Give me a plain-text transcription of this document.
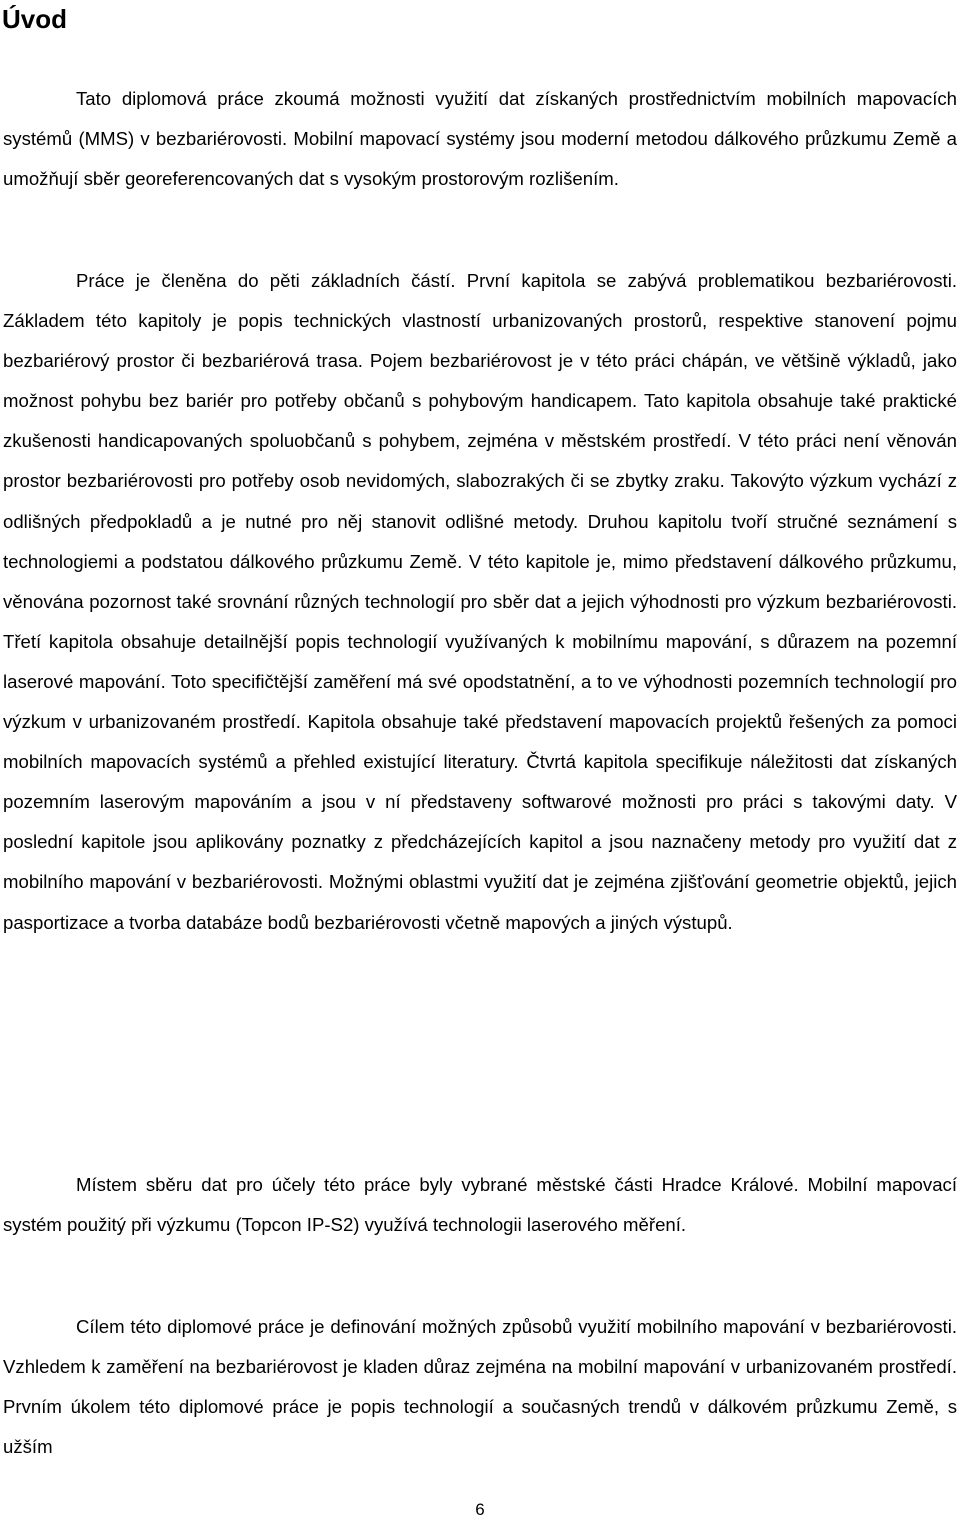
Úvod

Tato diplomová práce zkoumá možnosti využití dat získaných prostřednictvím mobilních mapovacích systémů (MMS) v bezbariérovosti. Mobilní mapovací systémy jsou moderní metodou dálkového průzkumu Země a umožňují sběr georeferencovaných dat s vysokým prostorovým rozlišením.

Práce je členěna do pěti základních částí. První kapitola se zabývá problematikou bezbariérovosti. Základem této kapitoly je popis technických vlastností urbanizovaných prostorů, respektive stanovení pojmu bezbariérový prostor či bezbariérová trasa. Pojem bezbariérovost je v této práci chápán, ve většině výkladů, jako možnost pohybu bez bariér pro potřeby občanů s pohybovým handicapem. Tato kapitola obsahuje také praktické zkušenosti handicapovaných spoluobčanů s pohybem, zejména v městském prostředí. V této práci není věnován prostor bezbariérovosti pro potřeby osob nevidomých, slabozrakých či se zbytky zraku. Takovýto výzkum vychází z odlišných předpokladů a je nutné pro něj stanovit odlišné metody. Druhou kapitolu tvoří stručné seznámení s technologiemi a podstatou dálkového průzkumu Země. V této kapitole je, mimo představení dálkového průzkumu, věnována pozornost také srovnání různých technologií pro sběr dat a jejich výhodnosti pro výzkum bezbariérovosti. Třetí kapitola obsahuje detailnější popis technologií využívaných k mobilnímu mapování, s důrazem na pozemní laserové mapování. Toto specifičtější zaměření má své opodstatnění, a to ve výhodnosti pozemních technologií pro výzkum v urbanizovaném prostředí. Kapitola obsahuje také představení mapovacích projektů řešených za pomoci mobilních mapovacích systémů a přehled existující literatury. Čtvrtá kapitola specifikuje náležitosti dat získaných pozemním laserovým mapováním a jsou v ní představeny softwarové možnosti pro práci s takovými daty. V poslední kapitole jsou aplikovány poznatky z předcházejících kapitol a jsou naznačeny metody pro využití dat z mobilního mapování v bezbariérovosti. Možnými oblastmi využití dat je zejména zjišťování geometrie objektů, jejich pasportizace a tvorba databáze bodů bezbariérovosti včetně mapových a jiných výstupů.

Místem sběru dat pro účely této práce byly vybrané městské části Hradce Králové. Mobilní mapovací systém použitý při výzkumu (Topcon IP-S2) využívá technologii laserového měření.

Cílem této diplomové práce je definování možných způsobů využití mobilního mapování v bezbariérovosti. Vzhledem k zaměření na bezbariérovost je kladen důraz zejména na mobilní mapování v urbanizovaném prostředí. Prvním úkolem této diplomové práce je popis technologií a současných trendů v dálkovém průzkumu Země, s užším

6
